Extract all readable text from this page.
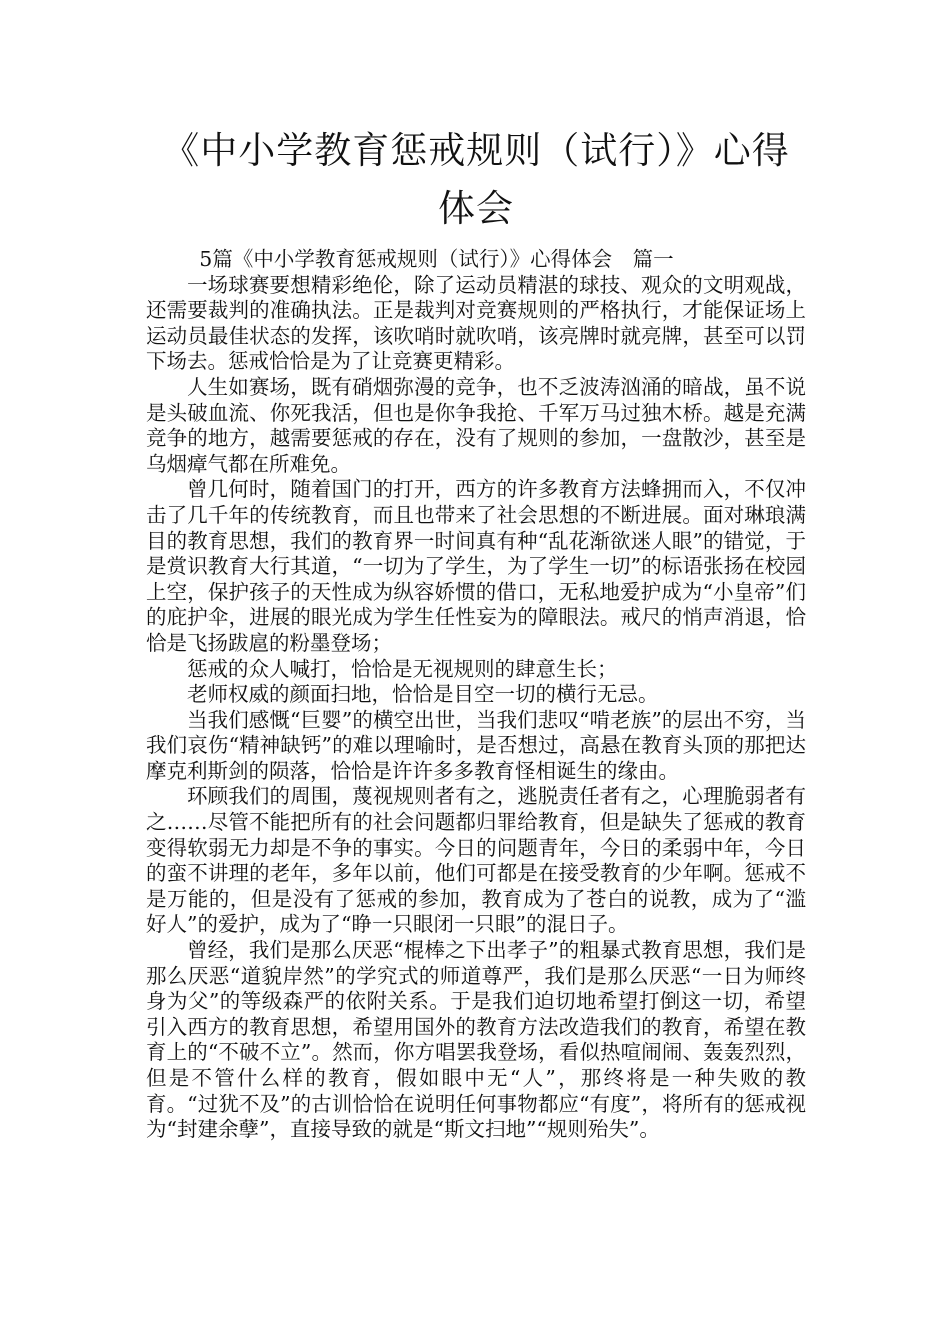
《中小学教育惩戒规则（试行）》心得体会

5篇《中小学教育惩戒规则（试行）》心得体会　篇一

一场球赛要想精彩绝伦，除了运动员精湛的球技、观众的文明观战，还需要裁判的准确执法。正是裁判对竞赛规则的严格执行，才能保证场上运动员最佳状态的发挥，该吹哨时就吹哨，该亮牌时就亮牌，甚至可以罚下场去。惩戒恰恰是为了让竞赛更精彩。

人生如赛场，既有硝烟弥漫的竞争，也不乏波涛汹涌的暗战，虽不说是头破血流、你死我活，但也是你争我抢、千军万马过独木桥。越是充满竞争的地方，越需要惩戒的存在，没有了规则的参加，一盘散沙，甚至是乌烟瘴气都在所难免。

曾几何时，随着国门的打开，西方的许多教育方法蜂拥而入，不仅冲击了几千年的传统教育，而且也带来了社会思想的不断进展。面对琳琅满目的教育思想，我们的教育界一时间真有种“乱花渐欲迷人眼”的错觉，于是赏识教育大行其道，“一切为了学生，为了学生一切”的标语张扬在校园上空，保护孩子的天性成为纵容娇惯的借口，无私地爱护成为“小皇帝”们的庇护伞，进展的眼光成为学生任性妄为的障眼法。戒尺的悄声消退，恰恰是飞扬跋扈的粉墨登场；

惩戒的众人喊打，恰恰是无视规则的肆意生长；

老师权威的颜面扫地，恰恰是目空一切的横行无忌。

当我们感慨“巨婴”的横空出世，当我们悲叹“啃老族”的层出不穷，当我们哀伤“精神缺钙”的难以理喻时，是否想过，高悬在教育头顶的那把达摩克利斯剑的陨落，恰恰是许许多多教育怪相诞生的缘由。

环顾我们的周围，蔑视规则者有之，逃脱责任者有之，心理脆弱者有之……尽管不能把所有的社会问题都归罪给教育，但是缺失了惩戒的教育变得软弱无力却是不争的事实。今日的问题青年，今日的柔弱中年，今日的蛮不讲理的老年，多年以前，他们可都是在接受教育的少年啊。惩戒不是万能的，但是没有了惩戒的参加，教育成为了苍白的说教，成为了“滥好人”的爱护，成为了“睁一只眼闭一只眼”的混日子。

曾经，我们是那么厌恶“棍棒之下出孝子”的粗暴式教育思想，我们是那么厌恶“道貌岸然”的学究式的师道尊严，我们是那么厌恶“一日为师终身为父”的等级森严的依附关系。于是我们迫切地希望打倒这一切，希望引入西方的教育思想，希望用国外的教育方法改造我们的教育，希望在教育上的“不破不立”。然而，你方唱罢我登场，看似热喧闹闹、轰轰烈烈，但是不管什么样的教育，假如眼中无“人”，那终将是一种失败的教育。“过犹不及”的古训恰恰在说明任何事物都应“有度”，将所有的惩戒视为“封建余孽”，直接导致的就是“斯文扫地”“规则殆失”。
